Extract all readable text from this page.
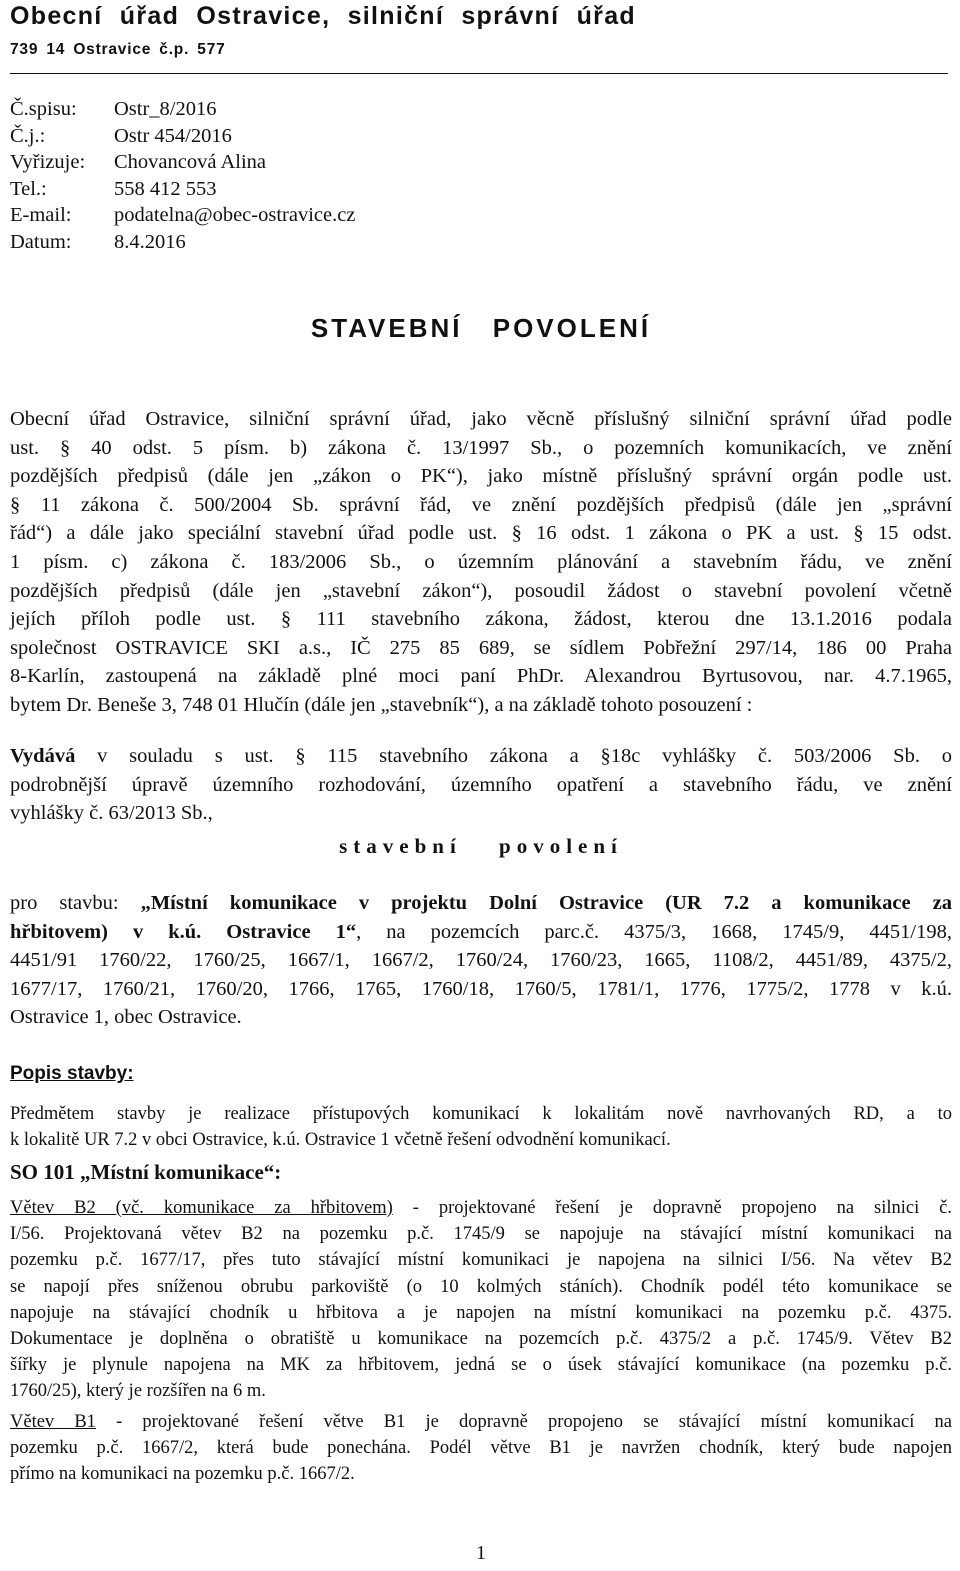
Obecní úřad Ostravice, silniční správní úřad
739 14 Ostravice č.p. 577
Č.spisu:	Ostr_8/2016
Č.j.:	Ostr 454/2016
Vyřizuje:	Chovancová Alina
Tel.:	558 412 553
E-mail:	podatelna@obec-ostravice.cz
Datum:	8.4.2016
STAVEBNÍ POVOLENÍ

Obecní úřad Ostravice, silniční správní úřad, jako věcně příslušný silniční správní úřad podle

ust. § 40 odst. 5 písm. b) zákona č. 13/1997 Sb., o pozemních komunikacích, ve znění

pozdějších předpisů (dále jen „zákon o PK“), jako místně příslušný správní orgán podle ust.

§ 11 zákona č. 500/2004 Sb. správní řád, ve znění pozdějších předpisů (dále jen „správní

řád“) a dále jako speciální stavební úřad podle ust. § 16 odst. 1 zákona o PK a ust. § 15 odst.

1 písm. c) zákona č. 183/2006 Sb., o územním plánování a stavebním řádu, ve znění

pozdějších předpisů (dále jen „stavební zákon“), posoudil žádost o stavební povolení včetně

jejích příloh podle ust. § 111 stavebního zákona, žádost, kterou dne 13.1.2016 podala

společnost OSTRAVICE SKI a.s., IČ 275 85 689, se sídlem Pobřežní 297/14, 186 00 Praha

8-Karlín, zastoupená na základě plné moci paní PhDr. Alexandrou Byrtusovou, nar. 4.7.1965,

bytem Dr. Beneše 3, 748 01 Hlučín (dále jen „stavebník“), a na základě tohoto posouzení :

Vydává v souladu s ust. § 115 stavebního zákona a §18c vyhlášky č. 503/2006 Sb. o

podrobnější úpravě územního rozhodování, územního opatření a stavebního řádu, ve znění

vyhlášky č. 63/2013 Sb.,

stavební povolení

pro stavbu: „Místní komunikace v projektu Dolní Ostravice (UR 7.2 a komunikace za

hřbitovem) v k.ú. Ostravice 1“, na pozemcích parc.č. 4375/3, 1668, 1745/9, 4451/198,

4451/91 1760/22, 1760/25, 1667/1, 1667/2, 1760/24, 1760/23, 1665, 1108/2, 4451/89, 4375/2,

1677/17, 1760/21, 1760/20, 1766, 1765, 1760/18, 1760/5, 1781/1, 1776, 1775/2, 1778 v k.ú.

Ostravice 1, obec Ostravice.

Popis stavby:

Předmětem stavby je realizace přístupových komunikací k lokalitám nově navrhovaných RD, a to

k lokalitě UR 7.2 v obci Ostravice, k.ú. Ostravice 1 včetně řešení odvodnění komunikací.

SO 101 „Místní komunikace“:

Větev B2 (vč. komunikace za hřbitovem) - projektované řešení je dopravně propojeno na silnici č.

I/56. Projektovaná větev B2 na pozemku p.č. 1745/9 se napojuje na stávající místní komunikaci na

pozemku p.č. 1677/17, přes tuto stávající místní komunikaci je napojena na silnici I/56. Na větev B2

se napojí přes sníženou obrubu parkoviště (o 10 kolmých stáních). Chodník podél této komunikace se

napojuje na stávající chodník u hřbitova a je napojen na místní komunikaci na pozemku p.č. 4375.

Dokumentace je doplněna o obratiště u komunikace na pozemcích p.č. 4375/2 a p.č. 1745/9. Větev B2

šířky je plynule napojena na MK za hřbitovem, jedná se o úsek stávající komunikace (na pozemku p.č.

1760/25), který je rozšířen na 6 m.

Větev B1 - projektované řešení větve B1 je dopravně propojeno se stávající místní komunikací na

pozemku p.č. 1667/2, která bude ponechána. Podél větve B1 je navržen chodník, který bude napojen

přímo na komunikaci na pozemku p.č. 1667/2.

1
